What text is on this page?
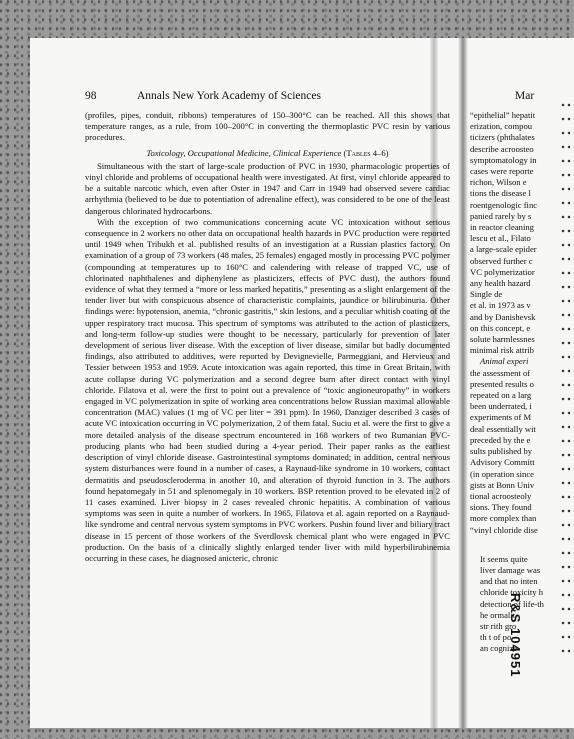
98	Annals New York Academy of Sciences

(profiles, pipes, conduit, ribbons) temperatures of 150–300°C can be reached. All this shows that temperature ranges, as a rule, from 100–200°C in converting the thermoplastic PVC resin by various procedures.

Toxicology, Occupational Medicine, Clinical Experience (Tables 4–6)

Simultaneous with the start of large-scale production of PVC in 1930, pharmacologic properties of vinyl chloride and problems of occupational health were investigated. At first, vinyl chloride appeared to be a suitable narcotic which, even after Oster in 1947 and Carr in 1949 had observed severe cardiac arrhythmia (believed to be due to potentiation of adrenaline effect), was considered to be one of the least dangerous chlorinated hydrocarbons.

With the exception of two communications concerning acute VC intoxication without serious consequence in 2 workers no other data on occupational health hazards in PVC production were reported until 1949 when Tribukh et al. published results of an investigation at a Russian plastics factory. On examination of a group of 73 workers (48 males, 25 females) engaged mostly in processing PVC polymer (compounding at temperatures up to 160°C and calendering with release of trapped VC, use of chlorinated naphthalenes and diphenylene as plasticizers, effects of PVC dust), the authors found evidence of what they termed a “more or less marked hepatitis,” presenting as a slight enlargement of the tender liver but with conspicuous absence of characteristic complaints, jaundice or bilirubinuria. Other findings were: hypotension, anemia, “chronic gastritis,” skin lesions, and a peculiar whitish coating of the upper respiratory tract mucosa. This spectrum of symptoms was attributed to the action of plasticizers, and long-term follow-up studies were thought to be necessary, particularly for prevention of later development of serious liver disease. With the exception of liver disease, similar but badly documented findings, also attributed to additives, were reported by Devignevielle, Parmeggiani, and Hervieux and Tessier between 1953 and 1959. Acute intoxication was again reported, this time in Great Britain, with acute collapse during VC polymerization and a second degree burn after direct contact with vinyl chloride. Filatova et al. were the first to point out a prevalence of “toxic angioneuropathy” in workers engaged in VC polymerization in spite of working area concentrations below Russian maximal allowable concentration (MAC) values (1 mg of VC per liter = 391 ppm). In 1960, Danziger described 3 cases of acute VC intoxication occurring in VC polymerization, 2 of them fatal. Suciu et al. were the first to give a more detailed analysis of the disease spectrum encountered in 168 workers of two Rumanian PVC-producing plants who had been studied during a 4-year period. Their paper ranks as the earliest description of vinyl chloride disease. Gastrointestinal symptoms dominated; in addition, central nervous system disturbances were found in a number of cases, a Raynaud-like syndrome in 10 workers, contact dermatitis and pseudoscleroderma in another 10, and alteration of thyroid function in 3. The authors found hepatomegaly in 51 and splenomegaly in 10 workers. BSP retention proved to be elevated in 2 of 11 cases examined. Liver biopsy in 2 cases revealed chronic hepatitis. A combination of various symptoms was seen in quite a number of workers. In 1965, Filatova et al. again reported on a Raynaud-like syndrome and central nervous system symptoms in PVC workers. Pushin found liver and biliary tract disease in 15 percent of those workers of the Sverdlovsk chemical plant who were engaged in PVC production. On the basis of a clinically slightly enlarged tender liver with mild hyperbilirubinemia occurring in these cases, he diagnosed anicteric, chronic

Mar

“epithelial” hepatit

erization, compou

ticizers (phthalates

describe acroosteo

symptomatology in

cases were reporte

richon, Wilson e

tions the disease l

roentgenologic finc

panied rarely by s

in reactor cleaning

lescu et al., Filato

a large-scale epider

observed further c

VC polymerizatior

any health hazard

Single de

et al. in 1973 as v

and by Danishevsk

on this concept, e

solute harmlessnes

minimal risk attrib

Animal experi

the assessment of

presented results o

repeated on a larg

been underrated, i

experiments of M

deal essentially wit

preceded by the e

sults published by

Advisory Committ

(in operation since

gists at Bonn Univ

tional acroosteoly

sions. They found

more complex than

“vinyl chloride dise

It seems quite

liver damage was

and that no inten

chloride toxicity h

detection of life-th

he ormalit

str rith gro

th t of po

an cognize

R&S 104951
